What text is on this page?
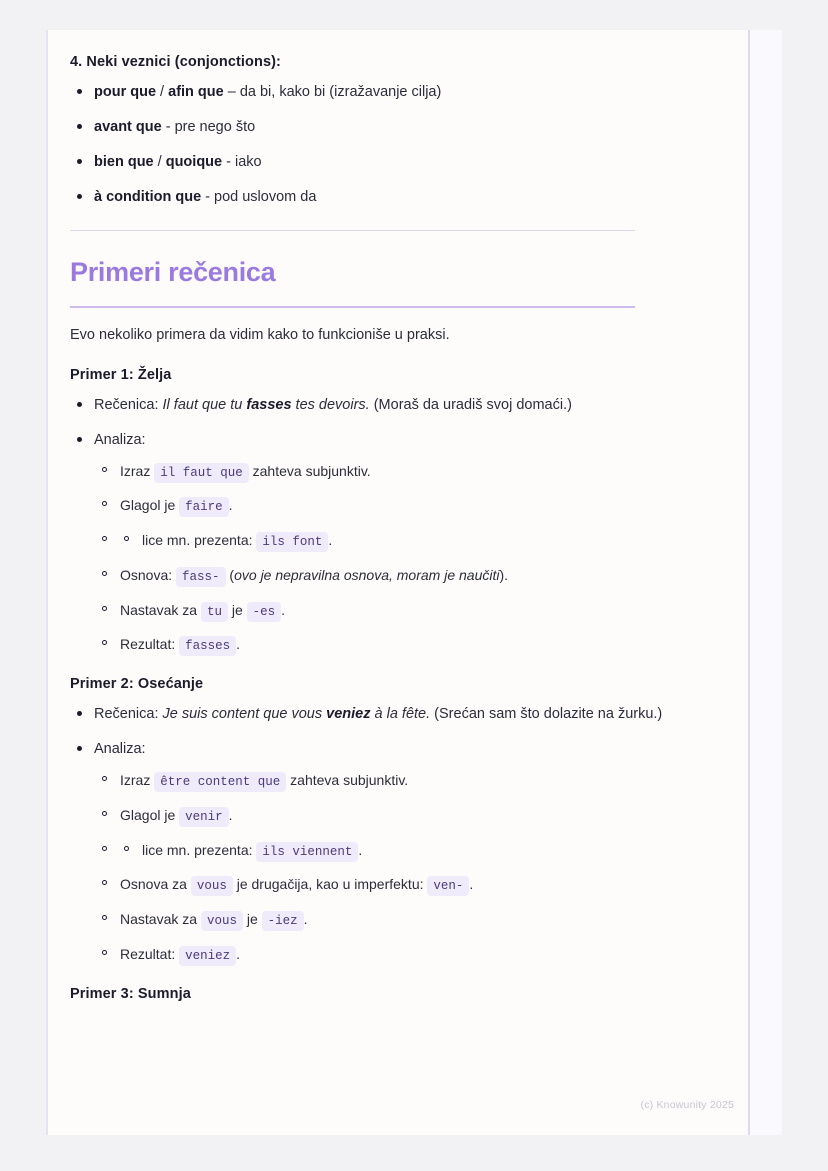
4. Neki veznici (conjonctions):
pour que / afin que – da bi, kako bi (izražavanje cilja)
avant que - pre nego što
bien que / quoique - iako
à condition que - pod uslovom da
Primeri rečenica

Evo nekoliko primera da vidim kako to funkcioniše u praksi.

Primer 1: Želja
Rečenica: Il faut que tu fasses tes devoirs. (Moraš da uradiš svoj domaći.)
Analiza:
Izraz il faut que zahteva subjunktiv.
Glagol je faire .
lice mn. prezenta: ils font .
Osnova: fass- (ovo je nepravilna osnova, moram je naučiti).
Nastavak za tu je -es .
Rezultat: fasses .
Primer 2: Osećanje
Rečenica: Je suis content que vous veniez à la fête. (Srećan sam što dolazite na žurku.)
Analiza:
Izraz être content que zahteva subjunktiv.
Glagol je venir .
lice mn. prezenta: ils viennent .
Osnova za vous je drugačija, kao u imperfektu: ven- .
Nastavak za vous je -iez .
Rezultat: veniez .
Primer 3: Sumnja
(c) Knowunity 2025
